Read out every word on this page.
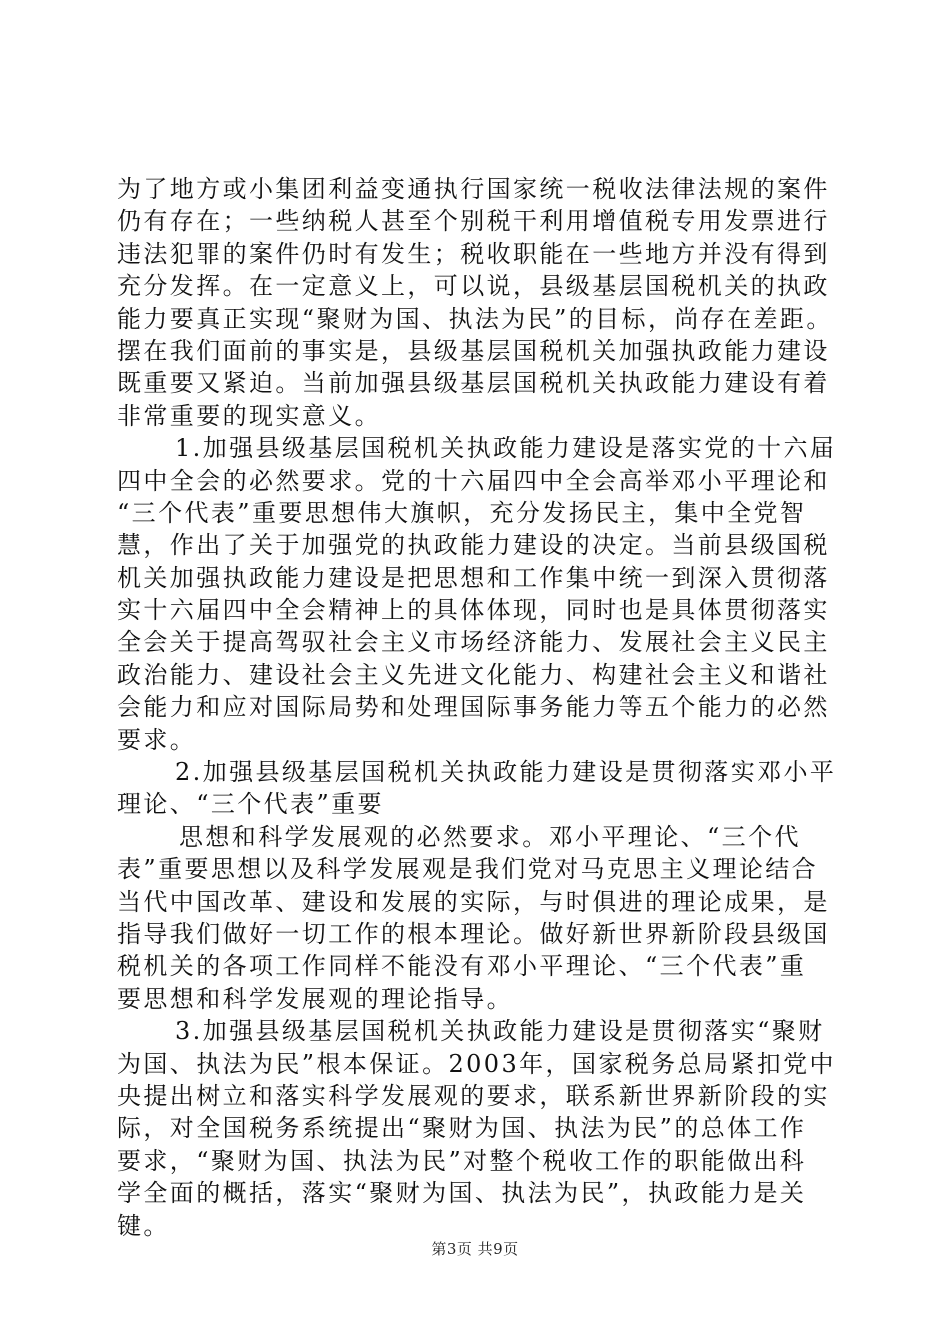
为了地方或小集团利益变通执行国家统一税收法律法规的案件
仍有存在；一些纳税人甚至个别税干利用增值税专用发票进行
违法犯罪的案件仍时有发生；税收职能在一些地方并没有得到
充分发挥。在一定意义上，可以说，县级基层国税机关的执政
能力要真正实现“聚财为国、执法为民”的目标，尚存在差距。
摆在我们面前的事实是，县级基层国税机关加强执政能力建设
既重要又紧迫。当前加强县级基层国税机关执政能力建设有着
非常重要的现实意义。
1.加强县级基层国税机关执政能力建设是落实党的十六届
四中全会的必然要求。党的十六届四中全会高举邓小平理论和
“三个代表”重要思想伟大旗帜，充分发扬民主，集中全党智
慧，作出了关于加强党的执政能力建设的决定。当前县级国税
机关加强执政能力建设是把思想和工作集中统一到深入贯彻落
实十六届四中全会精神上的具体体现，同时也是具体贯彻落实
全会关于提高驾驭社会主义市场经济能力、发展社会主义民主
政治能力、建设社会主义先进文化能力、构建社会主义和谐社
会能力和应对国际局势和处理国际事务能力等五个能力的必然
要求。
2.加强县级基层国税机关执政能力建设是贯彻落实邓小平
理论、“三个代表”重要
思想和科学发展观的必然要求。邓小平理论、“三个代
表”重要思想以及科学发展观是我们党对马克思主义理论结合
当代中国改革、建设和发展的实际，与时俱进的理论成果，是
指导我们做好一切工作的根本理论。做好新世界新阶段县级国
税机关的各项工作同样不能没有邓小平理论、“三个代表”重
要思想和科学发展观的理论指导。
3.加强县级基层国税机关执政能力建设是贯彻落实“聚财
为国、执法为民”根本保证。2003年，国家税务总局紧扣党中
央提出树立和落实科学发展观的要求，联系新世界新阶段的实
际，对全国税务系统提出“聚财为国、执法为民”的总体工作
要求，“聚财为国、执法为民”对整个税收工作的职能做出科
学全面的概括，落实“聚财为国、执法为民”，执政能力是关
键。
第3页 共9页
